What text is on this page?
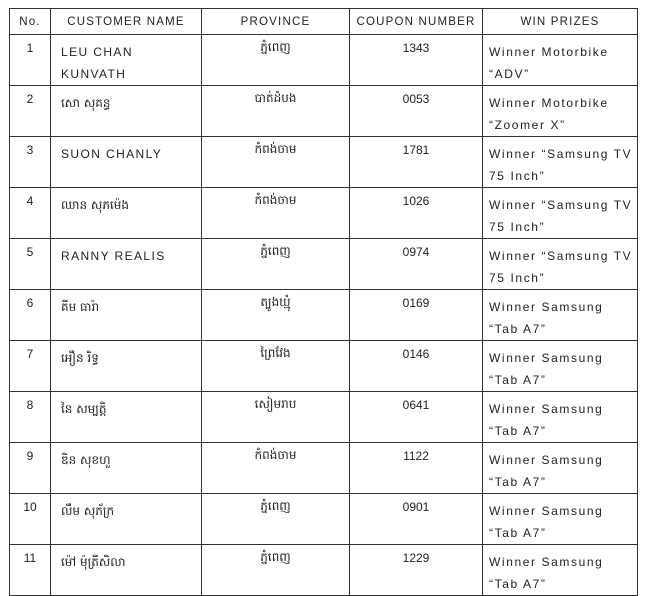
No.	CUSTOMER NAME	PROVINCE	COUPON NUMBER	WIN PRIZES
1	LEU CHAN KUNVATH	ភ្នំពេញ	1343	Winner Motorbike “ADV”
2	សោ សុគន្ធ	បាត់ដំបង	0053	Winner Motorbike “Zoomer X”
3	SUON CHANLY	កំពង់ចាម	1781	Winner “Samsung TV 75 Inch”
4	ឈាន សុភម៉េង	កំពង់ចាម	1026	Winner “Samsung TV 75 Inch”
5	RANNY REALIS	ភ្នំពេញ	0974	Winner “Samsung TV 75 Inch”
6	គីម ធារ៉ា	ត្បូងឃ្មុំ	0169	Winner Samsung “Tab A7”
7	អឿន រិទ្ធ	ព្រៃវែង	0146	Winner Samsung “Tab A7”
8	នៃ សម្បត្តិ	សៀមរាប	0641	Winner Samsung “Tab A7”
9	ឌិន សុខហួ	កំពង់ចាម	1122	Winner Samsung “Tab A7”
10	លឹម សុភ័ក្រ	ភ្នំពេញ	0901	Winner Samsung “Tab A7”
11	ម៉ៅ ម៉ុត្រីសិលា	ភ្នំពេញ	1229	Winner Samsung “Tab A7”
